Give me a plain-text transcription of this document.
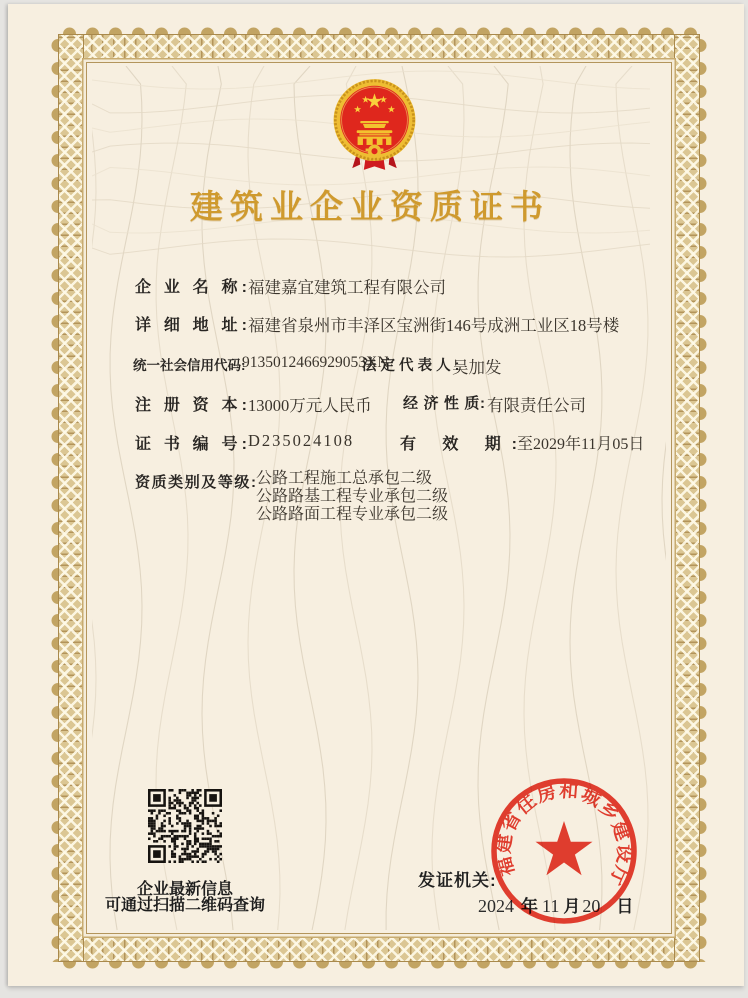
建筑业企业资质证书
企 业 名 称: 福建嘉宜建筑工程有限公司
详 细 地 址: 福建省泉州市丰泽区宝洲街146号成洲工业区18号楼
统一社会信用代码:
9135012466929053XN
法 定 代 表 人 :
吴加发
注 册 资 本: 13000万元人民币 经 济 性 质: 有限责任公司
证 书 编 号: D235024108	有 效 期: 至2029年11月05日
资质类别及等级: 公路工程施工总承包二级
公路路基工程专业承包二级
公路路面工程专业承包二级
企业最新信息
可通过扫描二维码查询
发证机关:
2024 年 11 月 20 日
福建省住房和城乡建设厅
